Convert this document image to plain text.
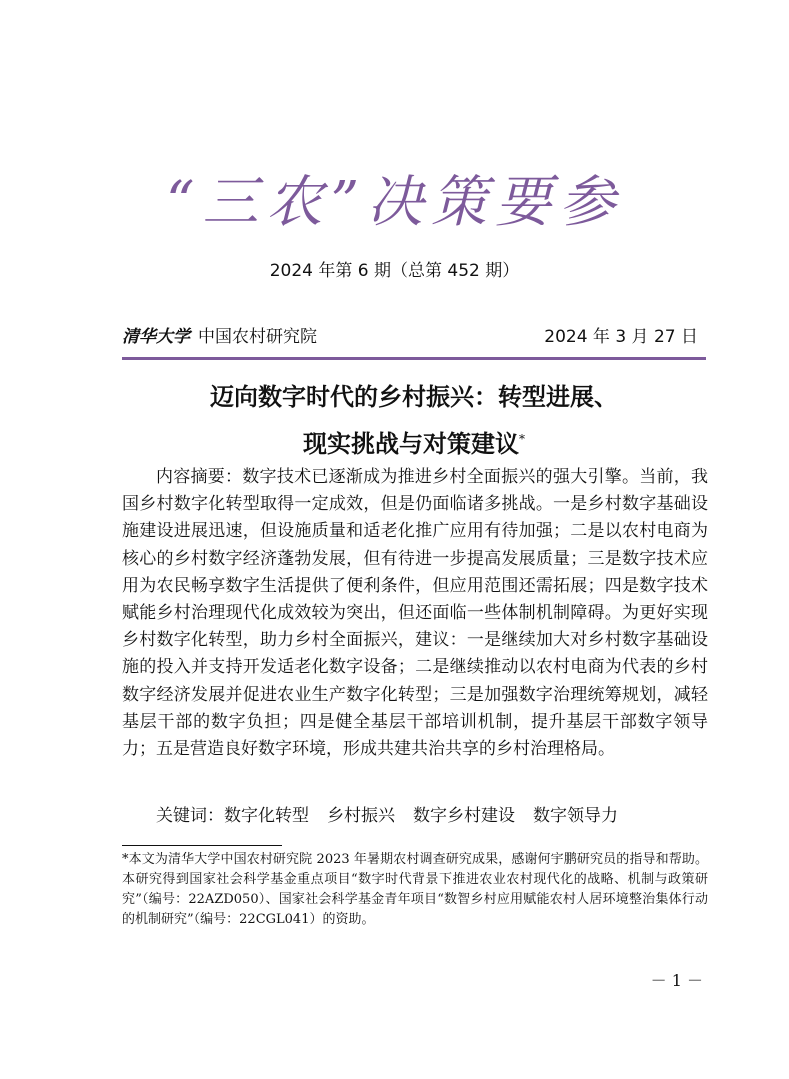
“三农”决策要参
2024 年第 6 期（总第 452 期）
清华大学 中国农村研究院	2024 年 3 月 27 日
迈向数字时代的乡村振兴：转型进展、
现实挑战与对策建议*
内容摘要：数字技术已逐渐成为推进乡村全面振兴的强大引擎。当前，我国乡村数字化转型取得一定成效，但是仍面临诸多挑战。一是乡村数字基础设施建设进展迅速，但设施质量和适老化推广应用有待加强；二是以农村电商为核心的乡村数字经济蓬勃发展，但有待进一步提高发展质量；三是数字技术应用为农民畅享数字生活提供了便利条件，但应用范围还需拓展；四是数字技术赋能乡村治理现代化成效较为突出，但还面临一些体制机制障碍。为更好实现乡村数字化转型，助力乡村全面振兴，建议：一是继续加大对乡村数字基础设施的投入并支持开发适老化数字设备；二是继续推动以农村电商为代表的乡村数字经济发展并促进农业生产数字化转型；三是加强数字治理统筹规划，减轻基层干部的数字负担；四是健全基层干部培训机制，提升基层干部数字领导力；五是营造良好数字环境，形成共建共治共享的乡村治理格局。
关键词：数字化转型 乡村振兴 数字乡村建设 数字领导力
*本文为清华大学中国农村研究院 2023 年暑期农村调查研究成果，感谢何宇鹏研究员的指导和帮助。本研究得到国家社会科学基金重点项目“数字时代背景下推进农业农村现代化的战略、机制与政策研究”（编号：22AZD050）、国家社会科学基金青年项目“数智乡村应用赋能农村人居环境整治集体行动的机制研究”（编号：22CGL041）的资助。
－ 1 －
